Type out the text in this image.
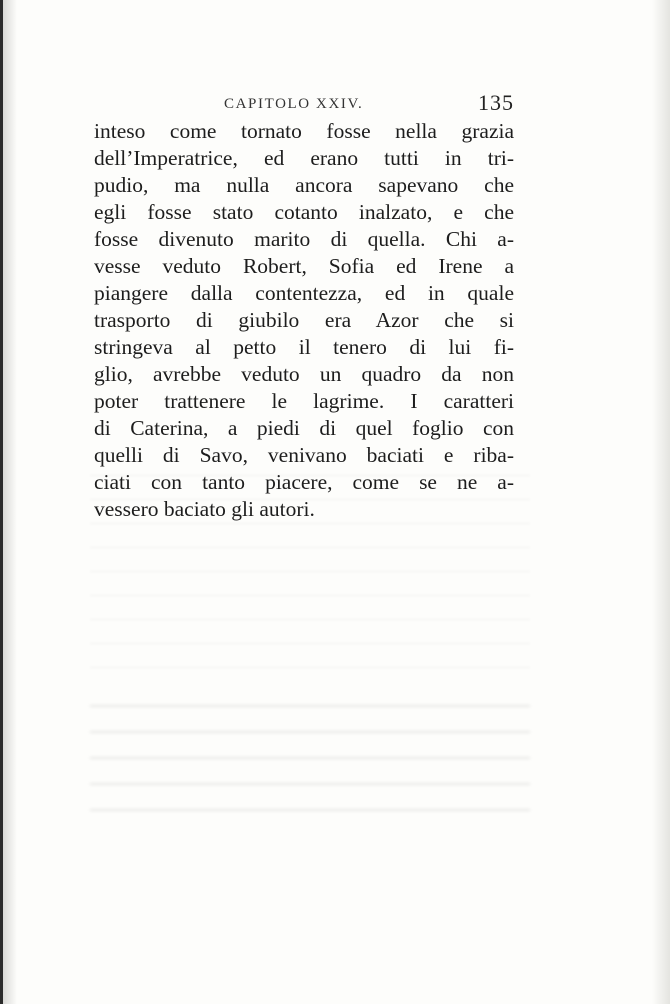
CAPITOLO XXIV.	135
inteso come tornato fosse nella grazia
dell’Imperatrice, ed erano tutti in tri-
pudio, ma nulla ancora sapevano che
egli fosse stato cotanto inalzato, e che
fosse divenuto marito di quella. Chi a-
vesse veduto Robert, Sofia ed Irene a
piangere dalla contentezza, ed in quale
trasporto di giubilo era Azor che si
stringeva al petto il tenero di lui fi-
glio, avrebbe veduto un quadro da non
poter trattenere le lagrime. I caratteri
di Caterina, a piedi di quel foglio con
quelli di Savo, venivano baciati e riba-
ciati con tanto piacere, come se ne a-
vessero baciato gli autori.
